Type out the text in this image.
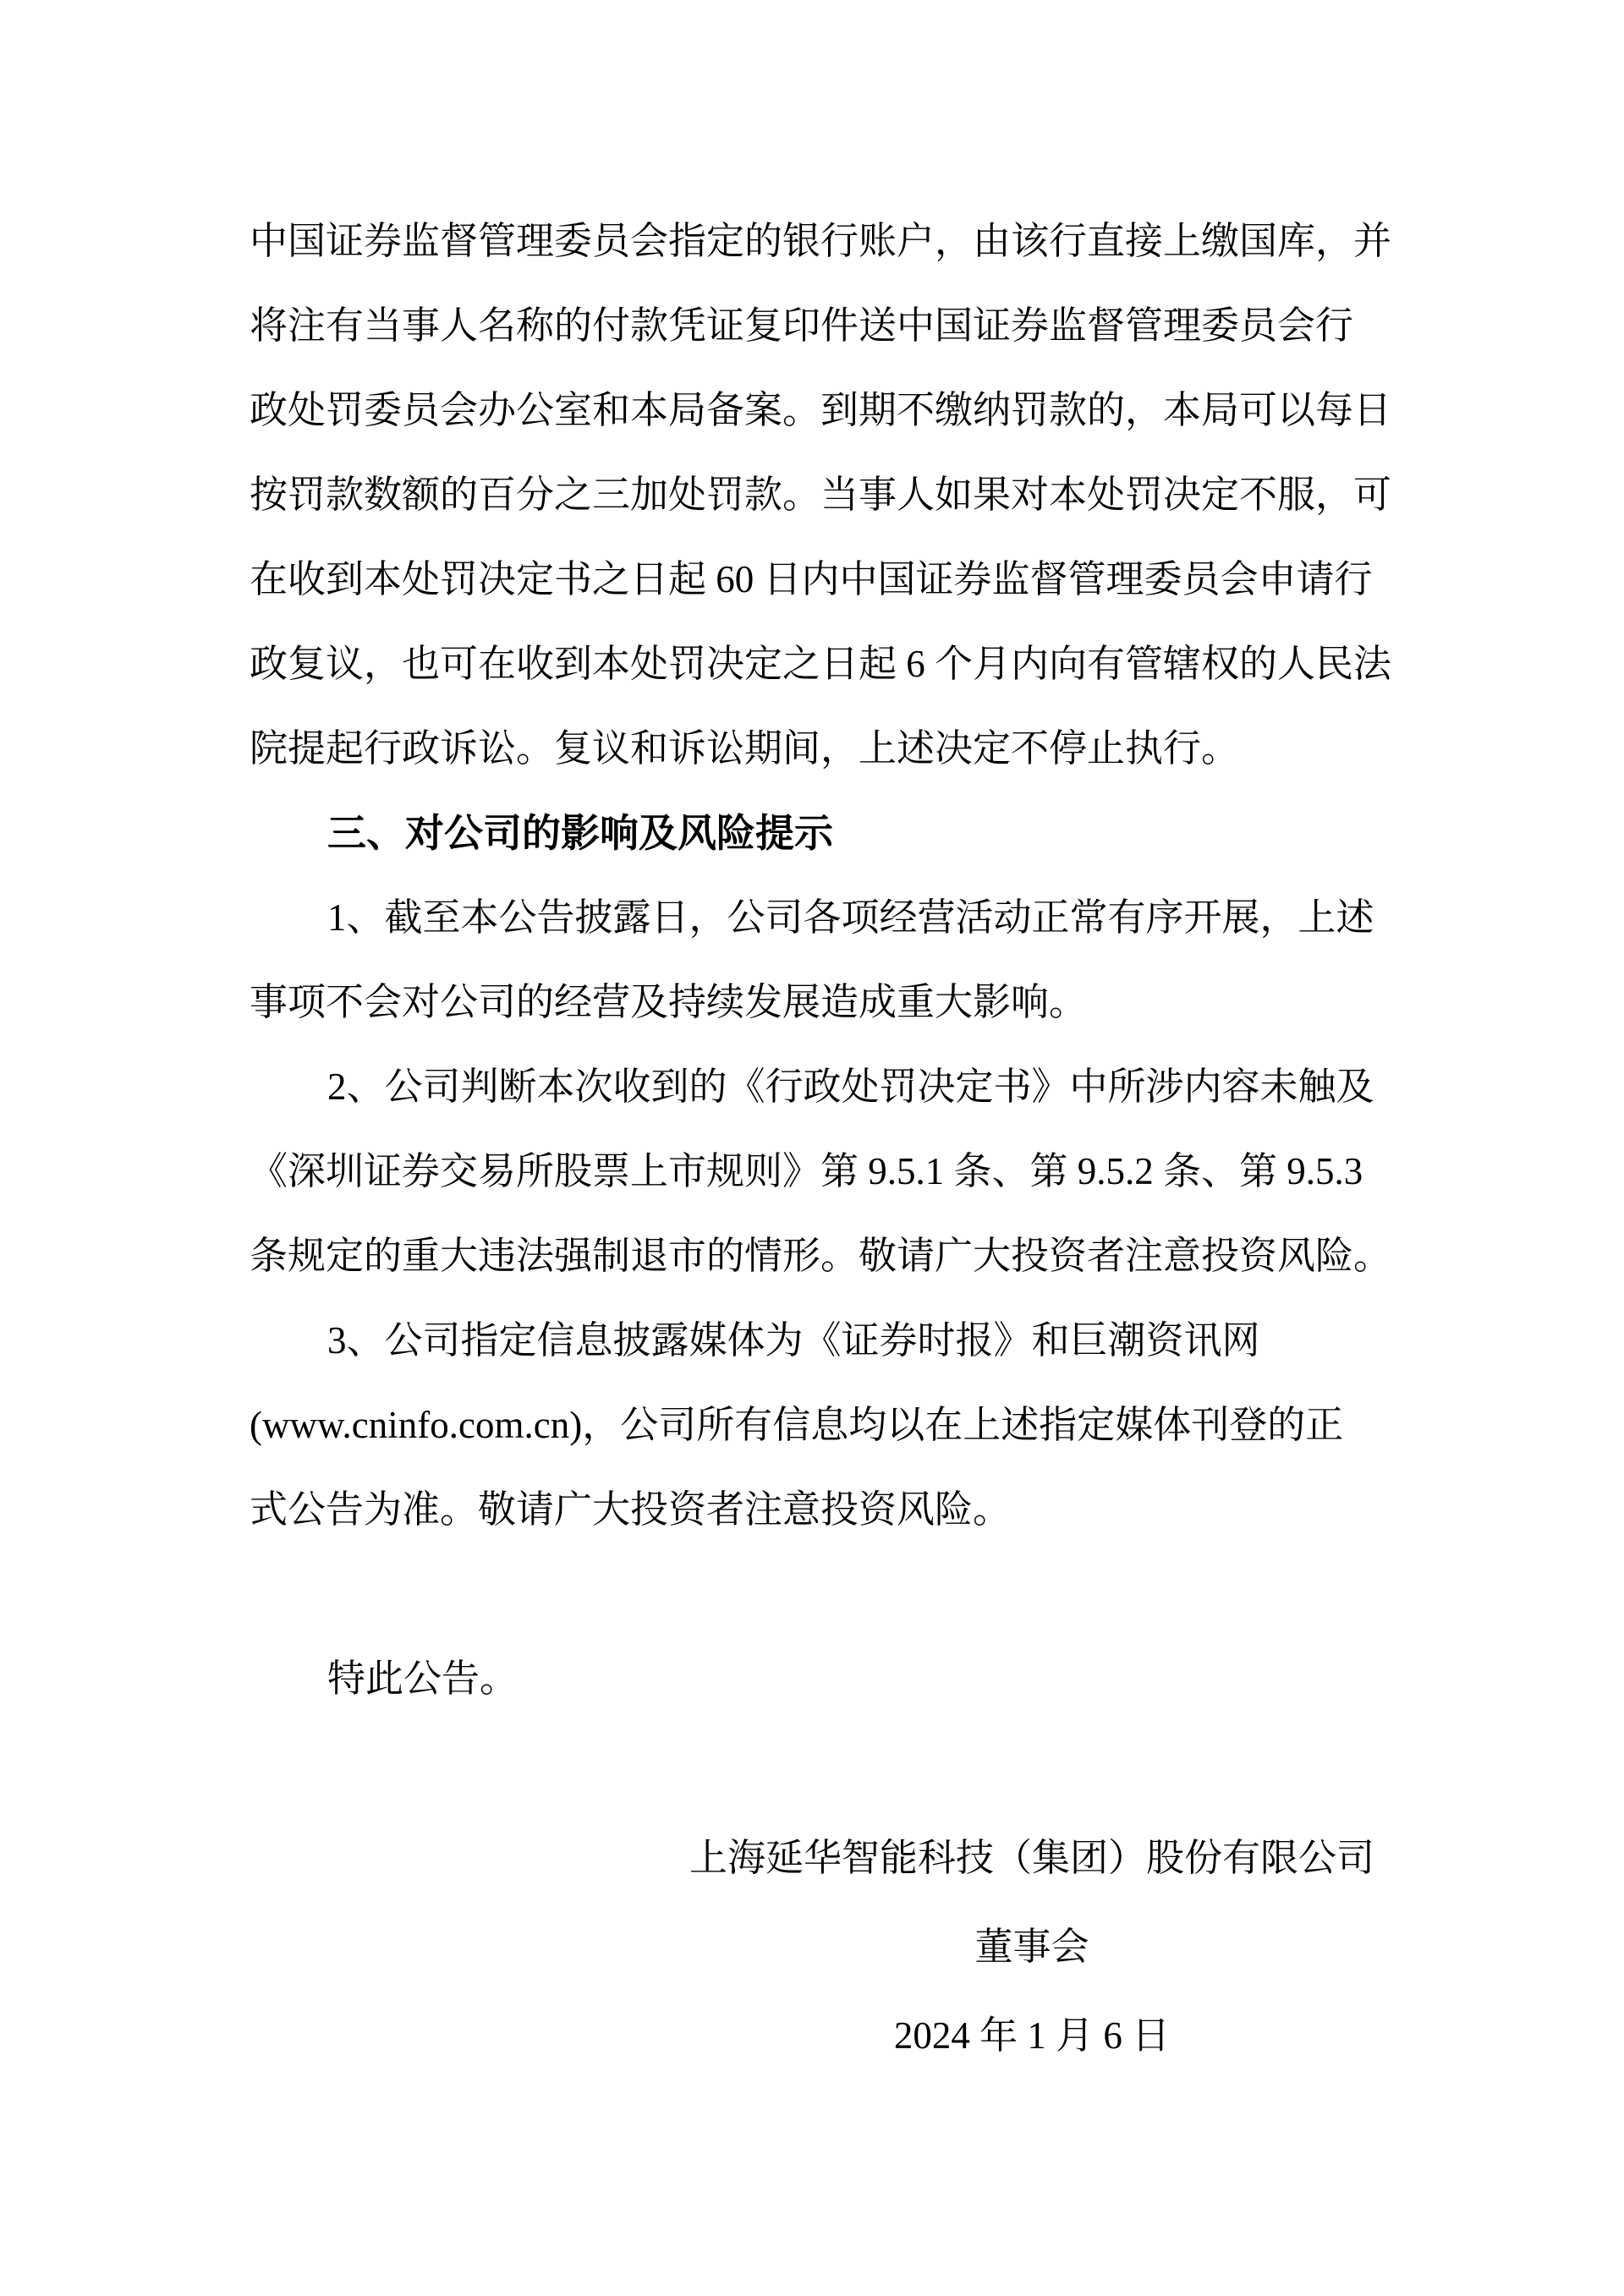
中国证券监督管理委员会指定的银行账户，由该行直接上缴国库，并
将注有当事人名称的付款凭证复印件送中国证券监督管理委员会行
政处罚委员会办公室和本局备案。到期不缴纳罚款的，本局可以每日
按罚款数额的百分之三加处罚款。当事人如果对本处罚决定不服，可
在收到本处罚决定书之日起 60 日内中国证券监督管理委员会申请行
政复议，也可在收到本处罚决定之日起 6 个月内向有管辖权的人民法
院提起行政诉讼。复议和诉讼期间，上述决定不停止执行。
三、对公司的影响及风险提示
1、截至本公告披露日，公司各项经营活动正常有序开展，上述
事项不会对公司的经营及持续发展造成重大影响。
2、公司判断本次收到的《行政处罚决定书》中所涉内容未触及
《深圳证券交易所股票上市规则》第 9.5.1 条、第 9.5.2 条、第 9.5.3
条规定的重大违法强制退市的情形。敬请广大投资者注意投资风险。
3、公司指定信息披露媒体为《证券时报》和巨潮资讯网
(www.cninfo.com.cn)，公司所有信息均以在上述指定媒体刊登的正
式公告为准。敬请广大投资者注意投资风险。
特此公告。
上海延华智能科技（集团）股份有限公司
董事会
2024 年 1 月 6 日
